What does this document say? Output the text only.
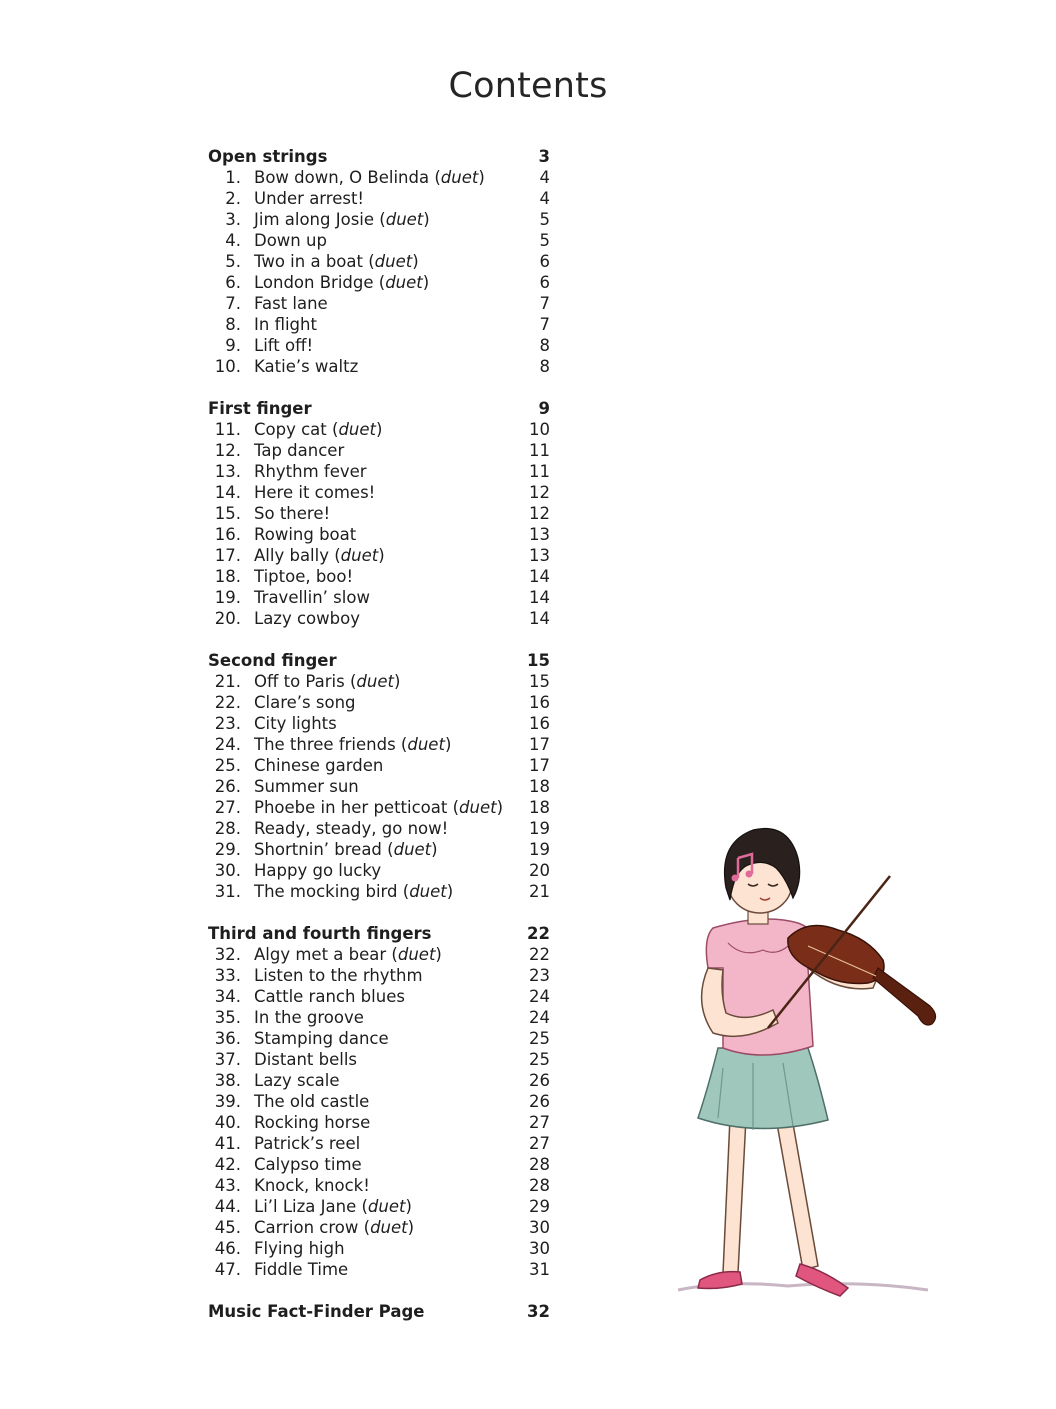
Contents
Open strings	3
1. Bow down, O Belinda (duet)	4
2. Under arrest!	4
3. Jim along Josie (duet)	5
4. Down up	5
5. Two in a boat (duet)	6
6. London Bridge (duet)	6
7. Fast lane	7
8. In flight	7
9. Lift off!	8
10. Katie’s waltz	8
First finger	9
11. Copy cat (duet)	10
12. Tap dancer	11
13. Rhythm fever	11
14. Here it comes!	12
15. So there!	12
16. Rowing boat	13
17. Ally bally (duet)	13
18. Tiptoe, boo!	14
19. Travellin’ slow	14
20. Lazy cowboy	14
Second finger	15
21. Off to Paris (duet)	15
22. Clare’s song	16
23. City lights	16
24. The three friends (duet)	17
25. Chinese garden	17
26. Summer sun	18
27. Phoebe in her petticoat (duet)	18
28. Ready, steady, go now!	19
29. Shortnin’ bread (duet)	19
30. Happy go lucky	20
31. The mocking bird (duet)	21
Third and fourth fingers	22
32. Algy met a bear (duet)	22
33. Listen to the rhythm	23
34. Cattle ranch blues	24
35. In the groove	24
36. Stamping dance	25
37. Distant bells	25
38. Lazy scale	26
39. The old castle	26
40. Rocking horse	27
41. Patrick’s reel	27
42. Calypso time	28
43. Knock, knock!	28
44. Li’l Liza Jane (duet)	29
45. Carrion crow (duet)	30
46. Flying high	30
47. Fiddle Time	31
Music Fact-Finder Page	32
